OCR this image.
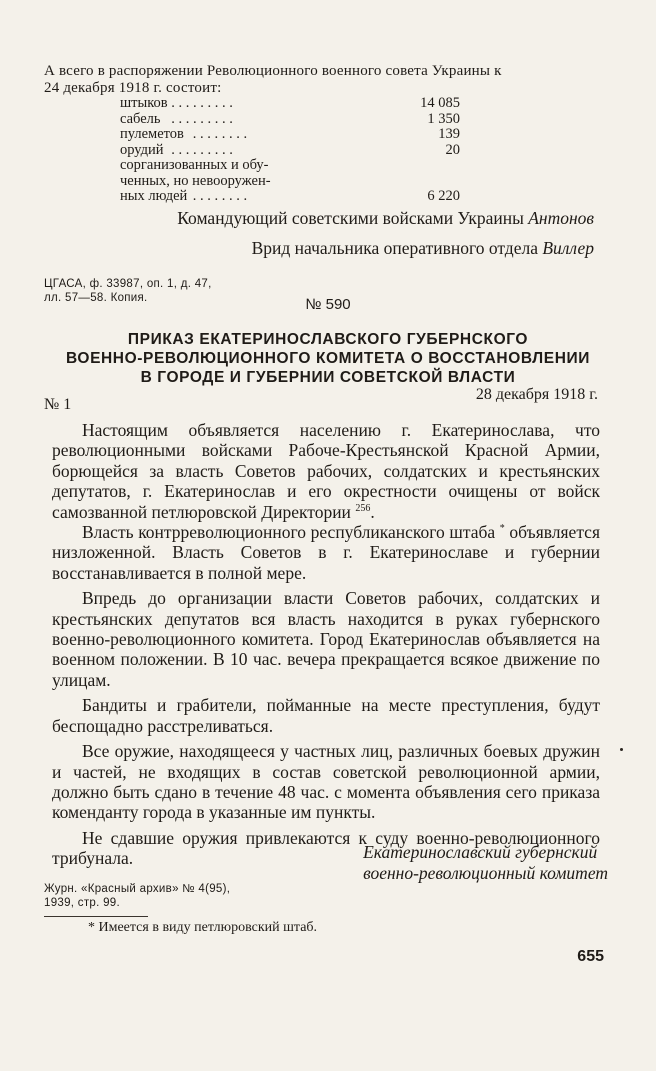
А всего в распоряжении Революционного военного совета Украины к
24 декабря 1918 г. состоит:
штыков . . . . . . . . .	14 085
сабель . . . . . . . . .	1 350
пулеметов . . . . . . . .	139
орудий . . . . . . . . .	20
сорганизованных и обу-
ченных, но невооружен-
ных людей . . . . . . . .	6 220
Командующий советскими войсками Украины Антонов
Врид начальника оперативного отдела Виллер
ЦГАСА, ф. 33987, оп. 1, д. 47,
лл. 57—58. Копия.	№ 590
ПРИКАЗ ЕКАТЕРИНОСЛАВСКОГО ГУБЕРНСКОГО
ВОЕННО-РЕВОЛЮЦИОННОГО КОМИТЕТА О ВОССТАНОВЛЕНИИ
В ГОРОДЕ И ГУБЕРНИИ СОВЕТСКОЙ ВЛАСТИ
№ 1
28 декабря 1918 г.

Настоящим объявляется населению г. Екатеринослава, что революционными войсками Рабоче-Крестьянской Красной Армии, борющейся за власть Советов рабочих, солдатских и крестьянских депутатов, г. Екатеринослав и его окрестности очищены от войск самозванной петлюровской Директории $^{256}$.

Власть контрреволюционного республиканского штаба * объявляется низложенной. Власть Советов в г. Екатеринославе и губернии восстанавливается в полной мере.

Впредь до организации власти Советов рабочих, солдатских и крестьянских депутатов вся власть находится в руках губернского военно-революционного комитета. Город Екатеринослав объявляется на военном положении. В 10 час. вечера прекращается всякое движение по улицам.

Бандиты и грабители, пойманные на месте преступления, будут беспощадно расстреливаться.

Все оружие, находящееся у частных лиц, различных боевых дружин и частей, не входящих в состав советской революционной армии, должно быть сдано в течение 48 час. с момента объявления сего приказа коменданту города в указанные им пункты.

Не сдавшие оружия привлекаются к суду военно-революционного трибунала.	Екатеринославский губернский
военно-революционный комитет
Журн. «Красный архив» № 4(95),
1939, стр. 99.
* Имеется в виду петлюровский штаб.
655
